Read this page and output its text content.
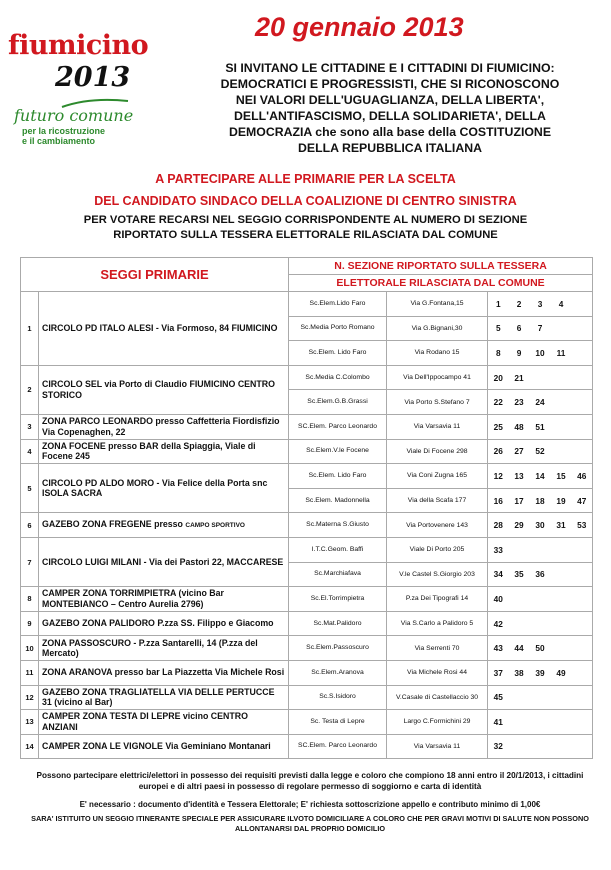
fiumicino
2013
futuro comune
per la ricostruzione
e il cambiamento
20 gennaio 2013
SI INVITANO LE CITTADINE E I CITTADINI DI FIUMICINO:
DEMOCRATICI E PROGRESSISTI, CHE SI RICONOSCONO
NEI VALORI DELL'UGUAGLIANZA, DELLA LIBERTA',
DELL'ANTIFASCISMO, DELLA SOLIDARIETA', DELLA
DEMOCRAZIA che sono alla base della COSTITUZIONE
DELLA REPUBBLICA ITALIANA
A PARTECIPARE ALLE PRIMARIE PER LA SCELTA
DEL CANDIDATO SINDACO DELLA COALIZIONE DI CENTRO SINISTRA
PER VOTARE RECARSI NEL SEGGIO CORRISPONDENTE AL NUMERO DI SEZIONE
RIPORTATO SULLA TESSERA ELETTORALE RILASCIATA DAL COMUNE
SEGGI PRIMARIE		N. SEZIONE RIPORTATO SULLA TESSERA						
		ELETTORALE RILASCIATA DAL COMUNE						
1	CIRCOLO PD ITALO ALESI - Via Formoso, 84 FIUMICINO	Sc.Elem.Lido Faro	Via G.Fontana,15	1	2	3	4	
		Sc.Media Porto Romano	Via G.Bignani,30	5	6	7		
		Sc.Elem. Lido Faro	Via Rodano 15	8	9	10	11	
2	CIRCOLO SEL via Porto di Claudio FIUMICINO CENTRO STORICO	Sc.Media C.Colombo	Via Dell'Ippocampo 41	20	21			
		Sc.Elem.G.B.Grassi	Via Porto S.Stefano 7	22	23	24		
3	ZONA PARCO LEONARDO presso Caffetteria Fiordisfizio Via Copenaghen, 22	SC.Elem. Parco Leonardo	Via Varsavia 11	25	48	51		
4	ZONA FOCENE presso BAR della Spiaggia, Viale di Focene 245	Sc.Elem.V.le Focene	Viale Di Focene 298	26	27	52		
5	CIRCOLO PD ALDO MORO - Via Felice della Porta snc ISOLA SACRA	Sc.Elem. Lido Faro	Via Coni Zugna 165	12	13	14	15	46
		Sc.Elem. Madonnella	Via della Scafa 177	16	17	18	19	47
6	GAZEBO ZONA FREGENE presso CAMPO SPORTIVO	Sc.Materna S.Giusto	Via Portovenere 143	28	29	30	31	53
7	CIRCOLO LUIGI MILANI - Via dei Pastori 22, MACCARESE	I.T.C.Geom. Baffi	Viale Di Porto 205	33				
		Sc.Marchiafava	V.le Castel S.Giorgio 203	34	35	36		
8	CAMPER ZONA TORRIMPIETRA (vicino Bar MONTEBIANCO – Centro Aurelia 2796)	Sc.El.Torrimpietra	P.za Dei Tipografi 14	40				
9	GAZEBO ZONA PALIDORO P.zza SS. Filippo e Giacomo	Sc.Mat.Palidoro	Via S.Carlo a Palidoro 5	42				
10	ZONA PASSOSCURO - P.zza Santarelli, 14 (P.zza del Mercato)	Sc.Elem.Passoscuro	Via Serrenti 70	43	44	50		
11	ZONA ARANOVA presso bar La Piazzetta Via Michele Rosi	Sc.Elem.Aranova	Via Michele Rosi 44	37	38	39	49	
12	GAZEBO ZONA TRAGLIATELLA VIA DELLE PERTUCCE 31 (vicino al Bar)	Sc.S.Isidoro	V.Casale di Castellaccio 30	45				
13	CAMPER ZONA TESTA DI LEPRE vicino CENTRO ANZIANI	Sc. Testa di Lepre	Largo C.Formichini 29	41				
14	CAMPER ZONA LE VIGNOLE Via Geminiano Montanari	SC.Elem. Parco Leonardo	Via Varsavia 11	32				
Possono partecipare elettrici/elettori in possesso dei requisiti previsti dalla legge e coloro che compiono 18 anni entro il 20/1/2013, i cittadini europei e di altri paesi in possesso di regolare permesso di soggiorno e carta di identità
E' necessario : documento d'identità e Tessera Elettorale; E' richiesta sottoscrizione appello e contributo minimo di 1,00€
SARA' ISTITUITO UN SEGGIO ITINERANTE SPECIALE PER ASSICURARE ILVOTO DOMICILIARE A COLORO CHE PER GRAVI MOTIVI DI SALUTE NON POSSONO ALLONTANARSI DAL PROPRIO DOMICILIO
